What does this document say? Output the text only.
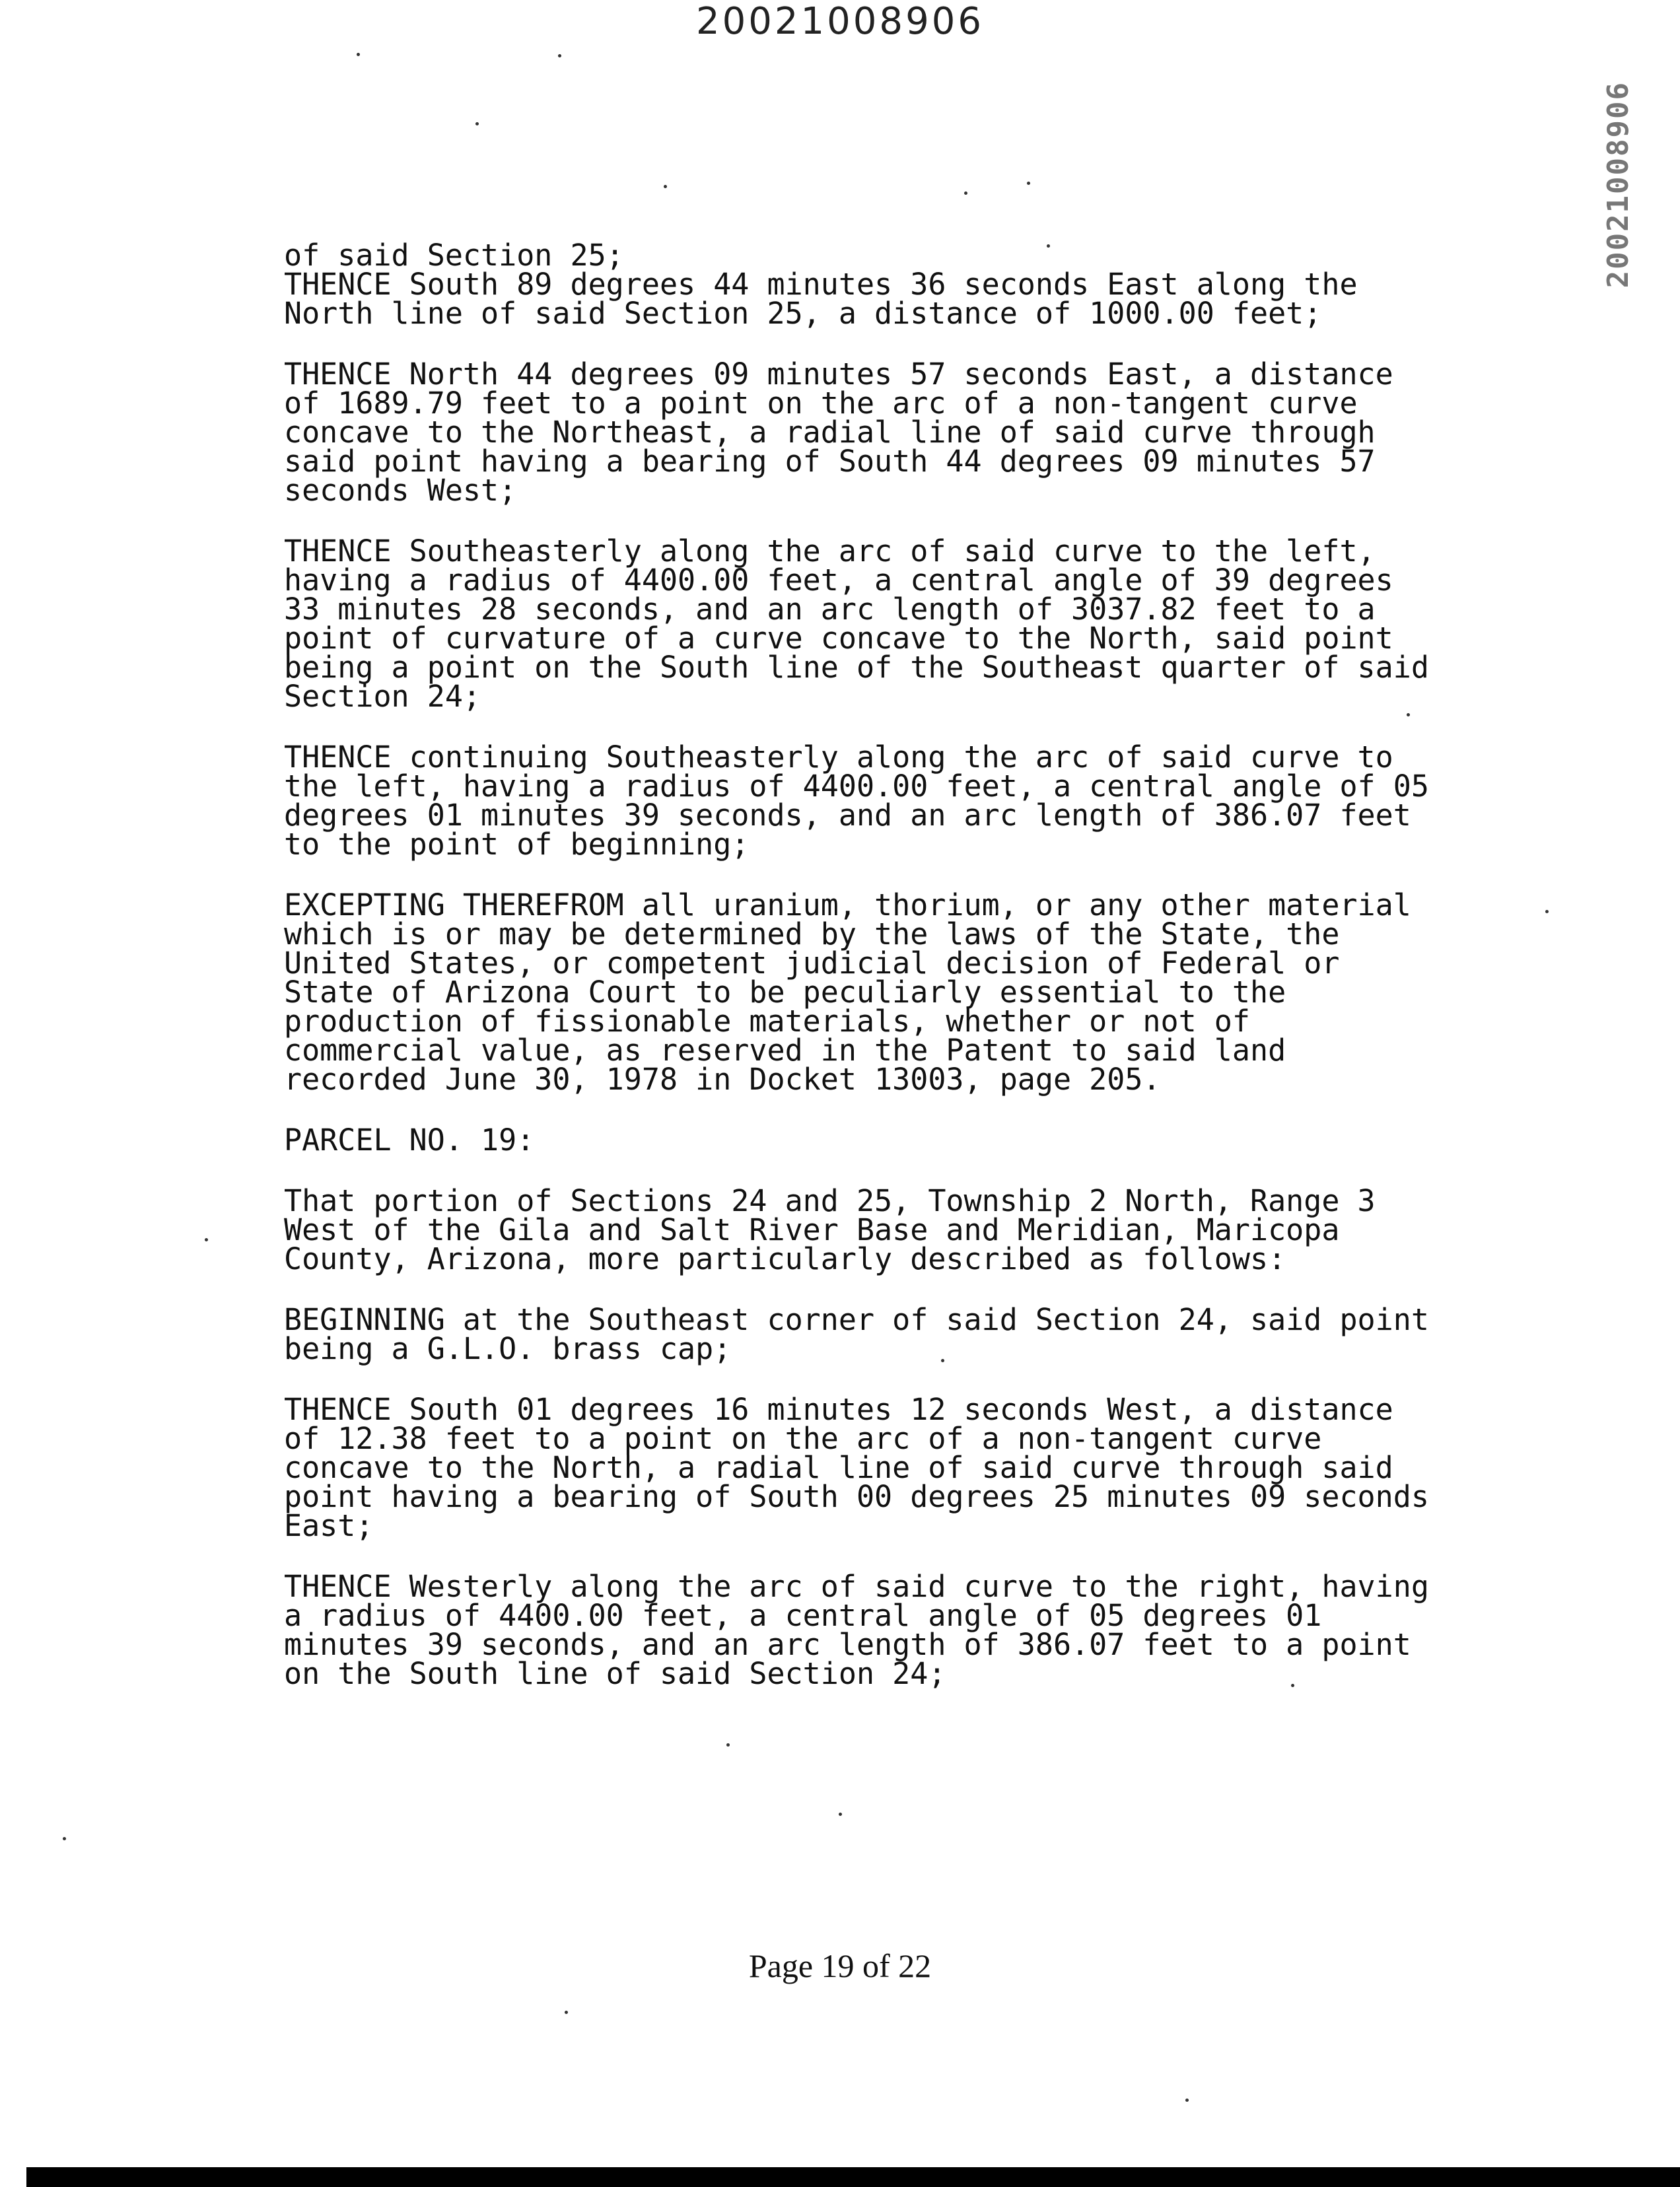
20021008906
20021008906

of said Section 25;

THENCE South 89 degrees 44 minutes 36 seconds East along the North line of said Section 25, a distance of 1000.00 feet;

THENCE North 44 degrees 09 minutes 57 seconds East, a distance of 1689.79 feet to a point on the arc of a non-tangent curve concave to the Northeast, a radial line of said curve through said point having a bearing of South 44 degrees 09 minutes 57 seconds West;

THENCE Southeasterly along the arc of said curve to the left, having a radius of 4400.00 feet, a central angle of 39 degrees 33 minutes 28 seconds, and an arc length of 3037.82 feet to a point of curvature of a curve concave to the North, said point being a point on the South line of the Southeast quarter of said Section 24;

THENCE continuing Southeasterly along the arc of said curve to the left, having a radius of 4400.00 feet, a central angle of 05 degrees 01 minutes 39 seconds, and an arc length of 386.07 feet to the point of beginning;

EXCEPTING THEREFROM all uranium, thorium, or any other material which is or may be determined by the laws of the State, the United States, or competent judicial decision of Federal or State of Arizona Court to be peculiarly essential to the production of fissionable materials, whether or not of commercial value, as reserved in the Patent to said land recorded June 30, 1978 in Docket 13003, page 205.

PARCEL NO. 19:

That portion of Sections 24 and 25, Township 2 North, Range 3 West of the Gila and Salt River Base and Meridian, Maricopa County, Arizona, more particularly described as follows:

BEGINNING at the Southeast corner of said Section 24, said point being a G.L.O. brass cap;

THENCE South 01 degrees 16 minutes 12 seconds West, a distance of 12.38 feet to a point on the arc of a non-tangent curve concave to the North, a radial line of said curve through said point having a bearing of South 00 degrees 25 minutes 09 seconds East;

THENCE Westerly along the arc of said curve to the right, having a radius of 4400.00 feet, a central angle of 05 degrees 01 minutes 39 seconds, and an arc length of 386.07 feet to a point on the South line of said Section 24;

Page 19 of 22
